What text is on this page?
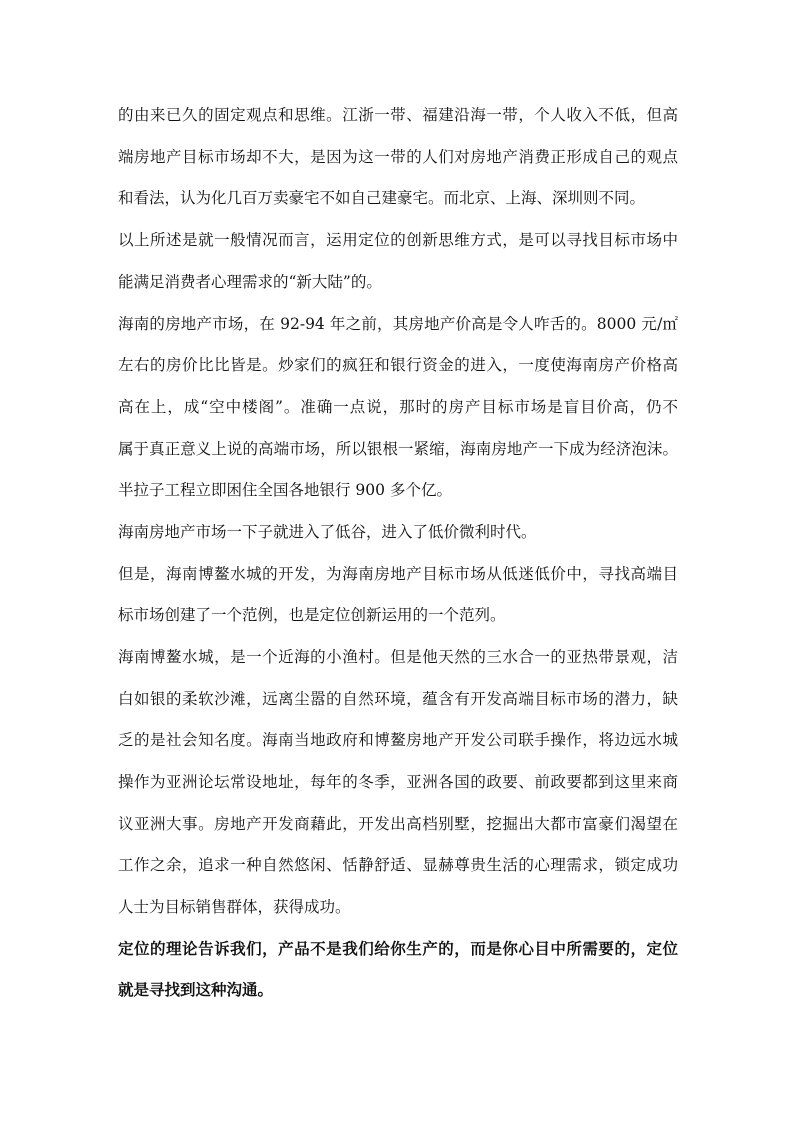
的由来已久的固定观点和思维。江浙一带、福建沿海一带，个人收入不低，但高
端房地产目标市场却不大，是因为这一带的人们对房地产消费正形成自己的观点
和看法，认为化几百万卖豪宅不如自己建豪宅。而北京、上海、深圳则不同。
以上所述是就一般情况而言，运用定位的创新思维方式，是可以寻找目标市场中
能满足消费者心理需求的“新大陆”的。
海南的房地产市场，在 92-94 年之前，其房地产价高是令人咋舌的。8000 元/㎡
左右的房价比比皆是。炒家们的疯狂和银行资金的进入，一度使海南房产价格高
高在上，成“空中楼阁”。准确一点说，那时的房产目标市场是盲目价高，仍不
属于真正意义上说的高端市场，所以银根一紧缩，海南房地产一下成为经济泡沫。
半拉子工程立即困住全国各地银行 900 多个亿。
海南房地产市场一下子就进入了低谷，进入了低价微利时代。
但是，海南博鳌水城的开发，为海南房地产目标市场从低迷低价中，寻找高端目
标市场创建了一个范例，也是定位创新运用的一个范列。
海南博鳌水城，是一个近海的小渔村。但是他天然的三水合一的亚热带景观，洁
白如银的柔软沙滩，远离尘嚣的自然环境，蕴含有开发高端目标市场的潜力，缺
乏的是社会知名度。海南当地政府和博鳌房地产开发公司联手操作，将边远水城
操作为亚洲论坛常设地址，每年的冬季，亚洲各国的政要、前政要都到这里来商
议亚洲大事。房地产开发商藉此，开发出高档别墅，挖掘出大都市富豪们渴望在
工作之余，追求一种自然悠闲、恬静舒适、显赫尊贵生活的心理需求，锁定成功
人士为目标销售群体，获得成功。
定位的理论告诉我们，产品不是我们给你生产的，而是你心目中所需要的，定位
就是寻找到这种沟通。
